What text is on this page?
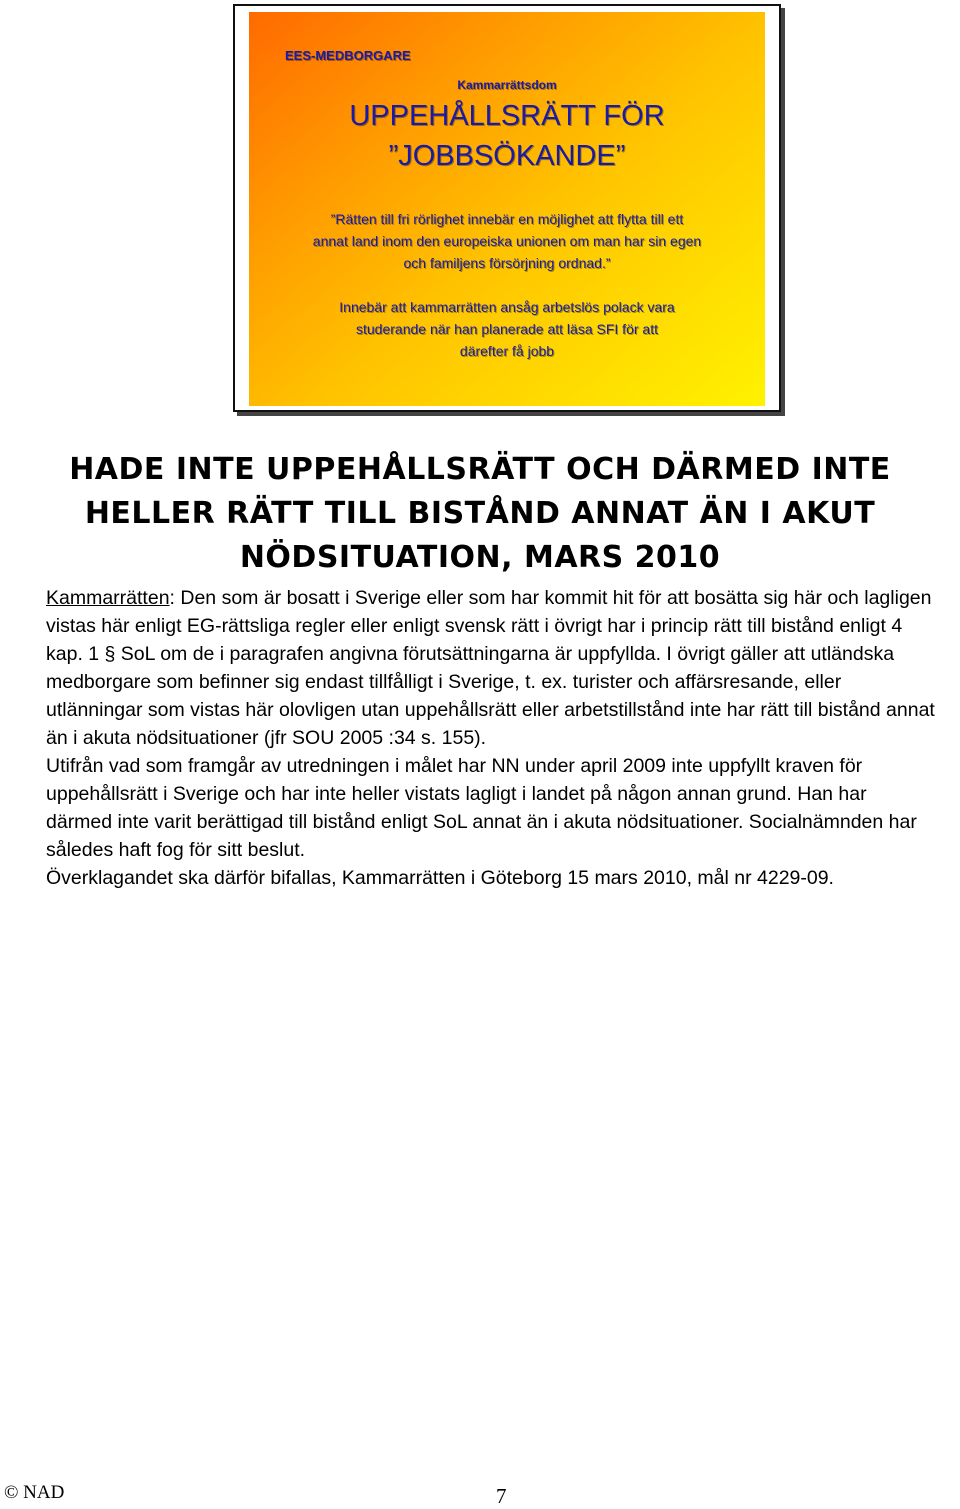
EES-MEDBORGARE
Kammarrättsdom
UPPEHÅLLSRÄTT FÖR
”JOBBSÖKANDE”
”Rätten till fri rörlighet innebär en möjlighet att flytta till ett
annat land inom den europeiska unionen om man har sin egen
och familjens försörjning ordnad.”
Innebär att kammarrätten ansåg arbetslös polack vara
studerande när han planerade att läsa SFI för att
därefter få jobb
HADE INTE UPPEHÅLLSRÄTT OCH DÄRMED INTE
HELLER RÄTT TILL BISTÅND ANNAT ÄN I AKUT
NÖDSITUATION, MARS 2010

Kammarrätten: Den som är bosatt i Sverige eller som har kommit hit för att bosätta sig här och lagligen vistas här enligt EG-rättsliga regler eller enligt svensk rätt i övrigt har i princip rätt till bistånd enligt 4 kap. 1 § SoL om de i paragrafen angivna förutsättningarna är uppfyllda. I övrigt gäller att utländska medborgare som befinner sig endast tillfålligt i Sverige, t. ex. turister och affärsresande, eller utlänningar som vistas här olovligen utan uppehållsrätt eller arbetstillstånd inte har rätt till bistånd annat än i akuta nödsituationer (jfr SOU 2005 :34 s. 155).

Utifrån vad som framgår av utredningen i målet har NN under april 2009 inte uppfyllt kraven för uppehållsrätt i Sverige och har inte heller vistats lagligt i landet på någon annan grund. Han har därmed inte varit berättigad till bistånd enligt SoL annat än i akuta nödsituationer. Socialnämnden har således haft fog för sitt beslut.

Överklagandet ska därför bifallas, Kammarrätten i Göteborg 15 mars 2010, mål nr 4229-09.

© NAD	7
